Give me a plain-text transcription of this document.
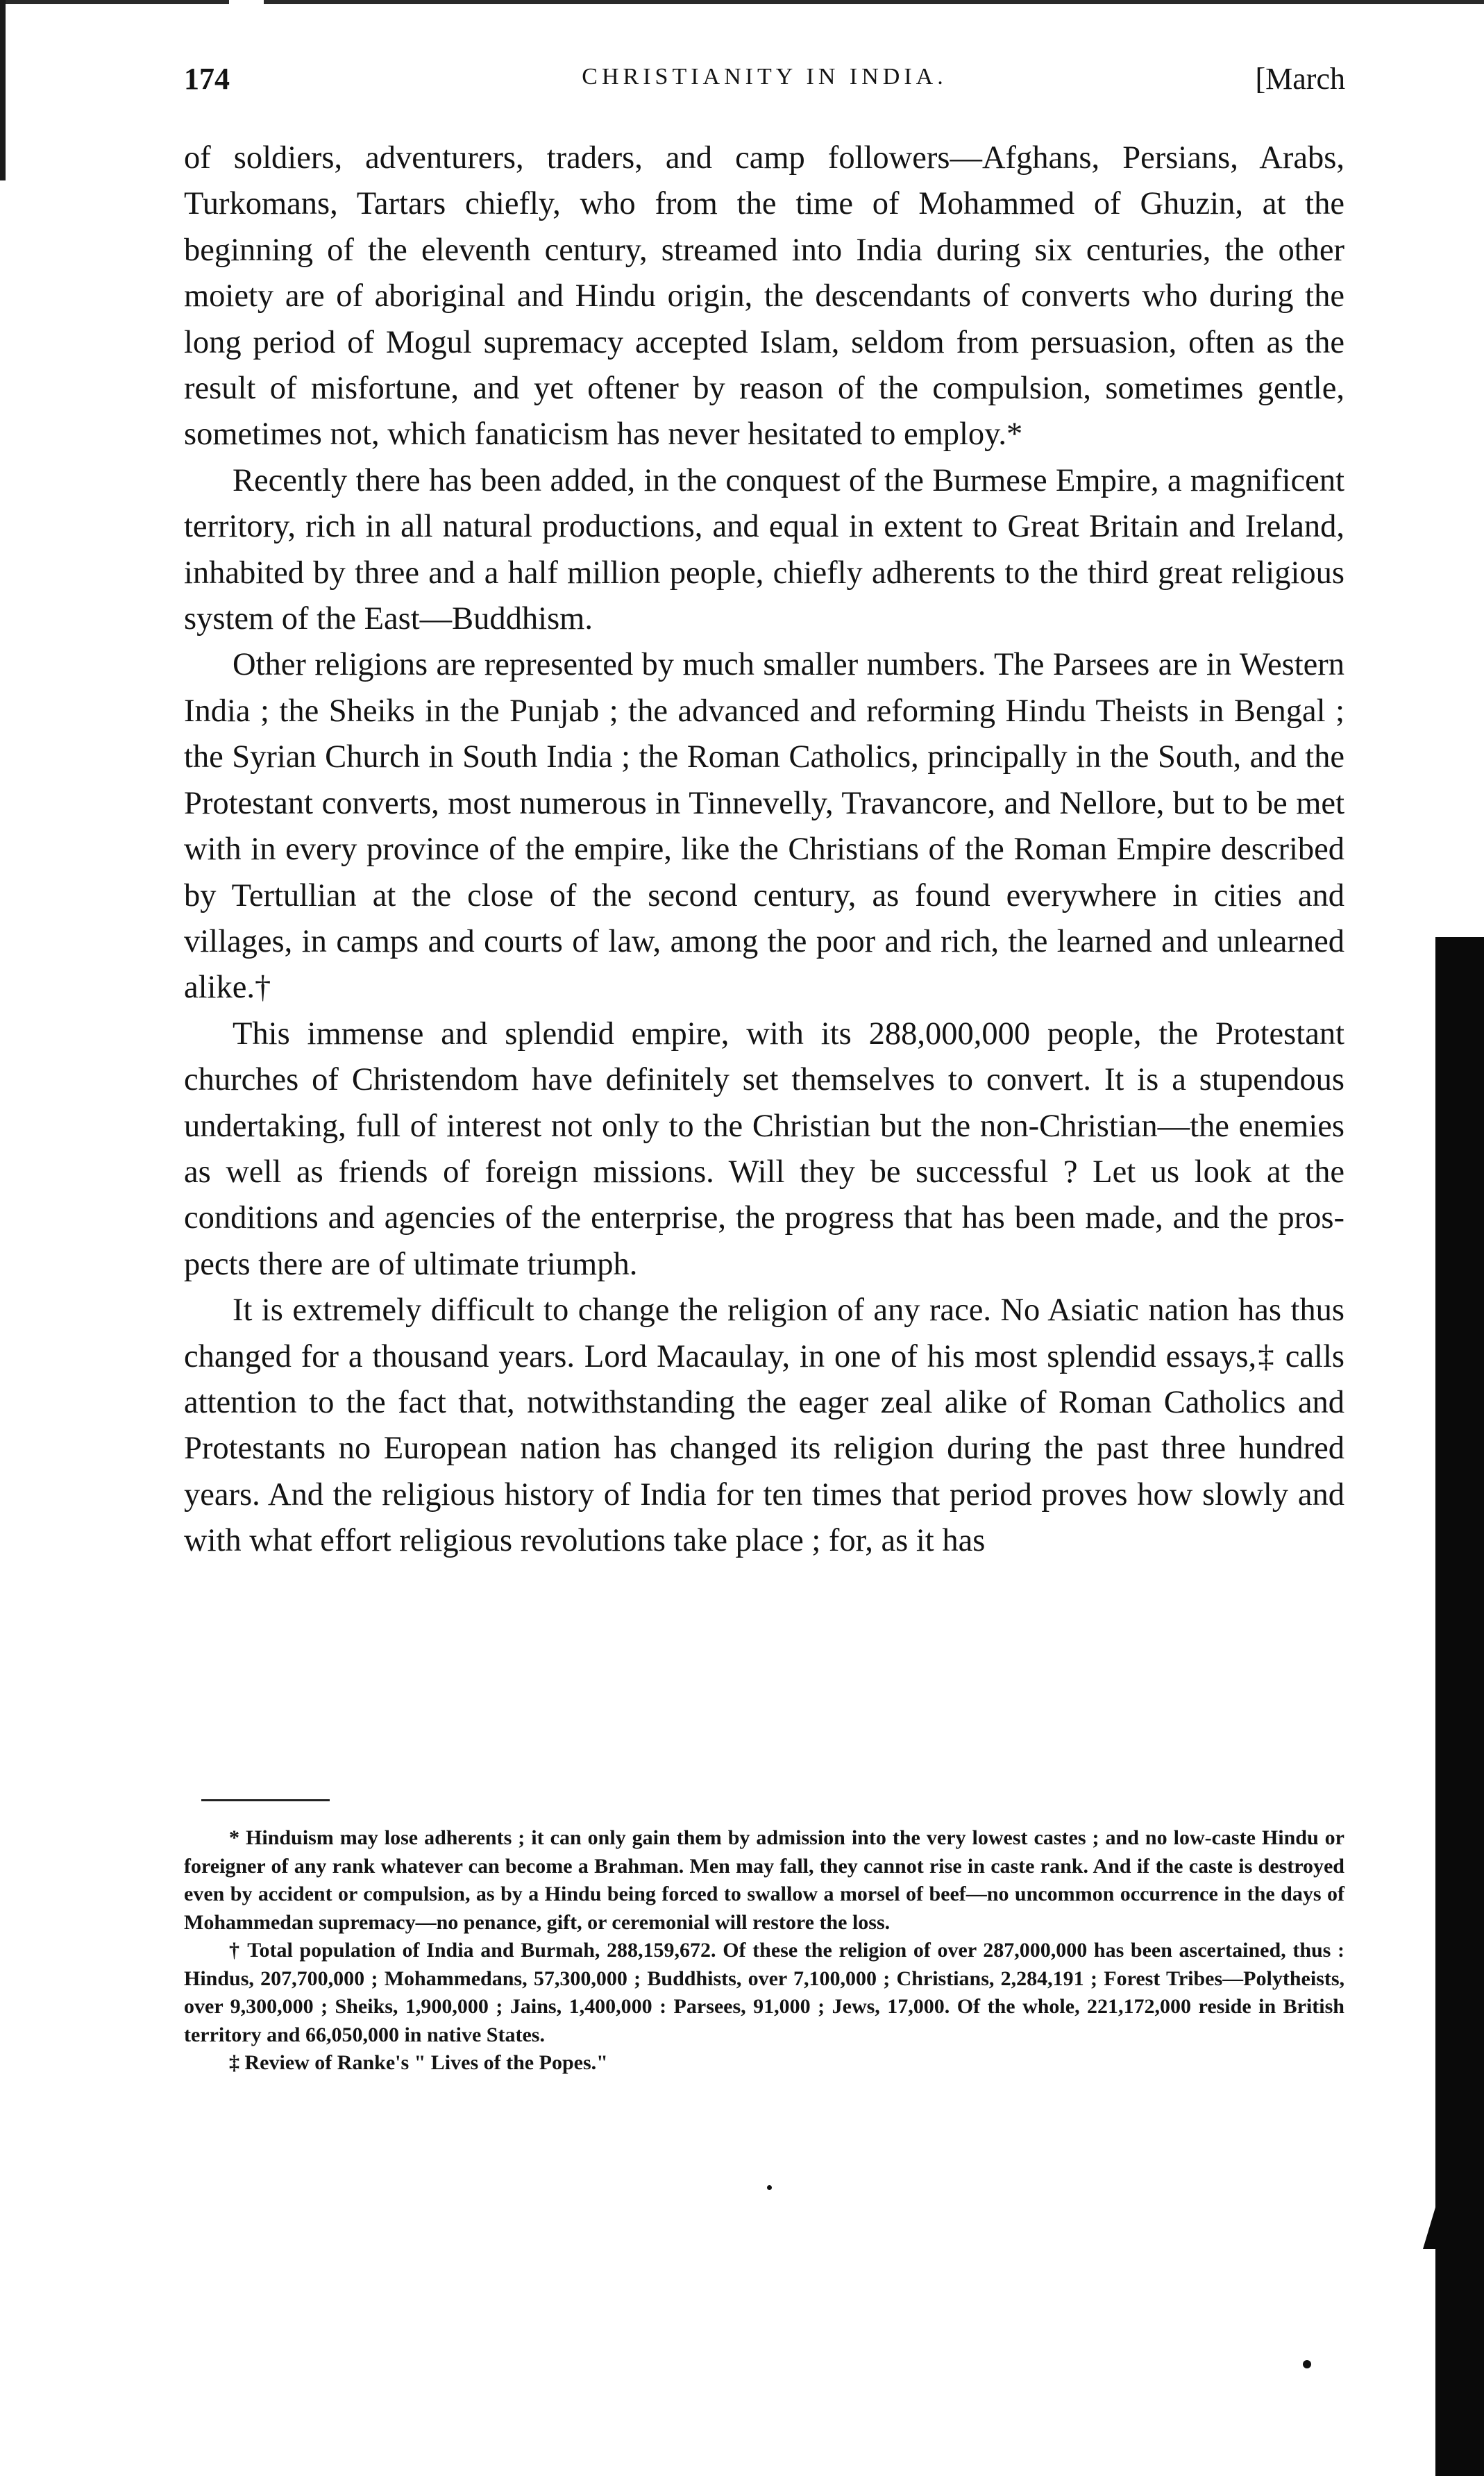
174	CHRISTIANITY IN INDIA.	[March

of soldiers, adventurers, traders, and camp followers—Afghans, Persians, Arabs, Turkomans, Tartars chiefly, who from the time of Mohammed of Ghuzin, at the beginning of the eleventh century, streamed into India during six centuries, the other moiety are of aboriginal and Hindu origin, the descendants of converts who during the long period of Mogul supremacy accepted Islam, seldom from persuasion, often as the result of misfortune, and yet oftener by reason of the compulsion, sometimes gentle, sometimes not, which fanaticism has never hesitated to employ.*

Recently there has been added, in the conquest of the Burmese Empire, a magnificent territory, rich in all natural productions, and equal in extent to Great Britain and Ireland, inhabited by three and a half million people, chiefly adherents to the third great religious system of the East—Buddhism.

Other religions are represented by much smaller numbers. The Parsees are in Western India ; the Sheiks in the Punjab ; the advanced and reforming Hindu Theists in Bengal ; the Syrian Church in South India ; the Roman Catholics, principally in the South, and the Protestant converts, most numerous in Tinnevelly, Travancore, and Nellore, but to be met with in every province of the empire, like the Christians of the Roman Empire described by Tertullian at the close of the second century, as found everywhere in cities and villages, in camps and courts of law, among the poor and rich, the learned and unlearned alike.†

This immense and splendid empire, with its 288,000,000 people, the Protestant churches of Christendom have definitely set themselves to convert. It is a stupendous undertaking, full of interest not only to the Christian but the non-Christian—the enemies as well as friends of foreign missions. Will they be successful ? Let us look at the conditions and agencies of the enterprise, the progress that has been made, and the prospects there are of ultimate triumph.

It is extremely difficult to change the religion of any race. No Asiatic nation has thus changed for a thousand years. Lord Macaulay, in one of his most splendid essays,‡ calls attention to the fact that, notwithstanding the eager zeal alike of Roman Catholics and Protestants no European nation has changed its religion during the past three hundred years. And the religious history of India for ten times that period proves how slowly and with what effort religious revolutions take place ; for, as it has

* Hinduism may lose adherents ; it can only gain them by admission into the very lowest castes ; and no low-caste Hindu or foreigner of any rank whatever can become a Brahman. Men may fall, they cannot rise in caste rank. And if the caste is destroyed even by accident or compulsion, as by a Hindu being forced to swallow a morsel of beef—no uncommon occurrence in the days of Mohammedan supremacy—no penance, gift, or ceremonial will restore the loss.

† Total population of India and Burmah, 288,159,672. Of these the religion of over 287,000,000 has been ascertained, thus : Hindus, 207,700,000 ; Mohammedans, 57,300,000 ; Buddhists, over 7,100,000 ; Christians, 2,284,191 ; Forest Tribes—Polytheists, over 9,300,000 ; Sheiks, 1,900,000 ; Jains, 1,400,000 : Parsees, 91,000 ; Jews, 17,000. Of the whole, 221,172,000 reside in British territory and 66,050,000 in native States.

‡ Review of Ranke's " Lives of the Popes."
